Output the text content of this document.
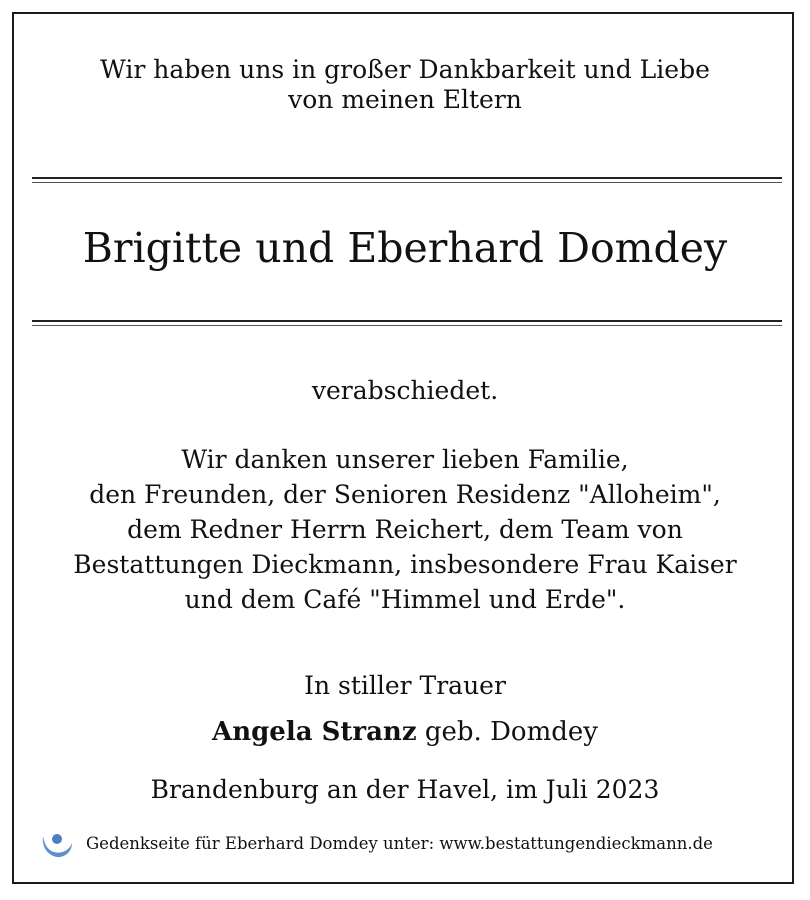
Wir haben uns in großer Dankbarkeit und Liebe
von meinen Eltern
Brigitte und Eberhard Domdey
verabschiedet.
Wir danken unserer lieben Familie,
den Freunden, der Senioren Residenz "Alloheim",
dem Redner Herrn Reichert, dem Team von
Bestattungen Dieckmann, insbesondere Frau Kaiser
und dem Café "Himmel und Erde".
In stiller Trauer
Angela Stranz geb. Domdey
Brandenburg an der Havel, im Juli 2023
Gedenkseite für Eberhard Domdey unter: www.bestattungendieckmann.de
